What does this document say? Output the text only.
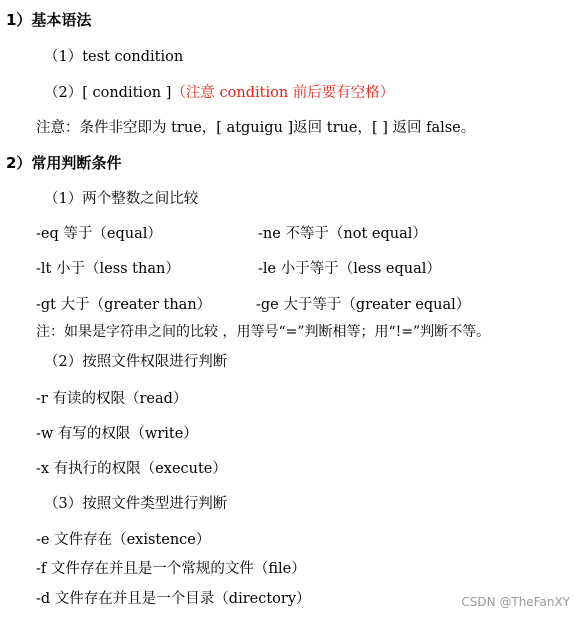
1）基本语法
（1）test condition
（2）[ condition ]（注意 condition 前后要有空格）
注意：条件非空即为 true，[ atguigu ]返回 true，[ ] 返回 false。
2）常用判断条件
（1）两个整数之间比较
-eq 等于（equal）	-ne 不等于（not equal）
-lt 小于（less than）	-le 小于等于（less equal）
-gt 大于（greater than）	-ge 大于等于（greater equal）
注：如果是字符串之间的比较 ，用等号“=”判断相等；用“!=”判断不等。
（2）按照文件权限进行判断
-r 有读的权限（read）
-w 有写的权限（write）
-x 有执行的权限（execute）
（3）按照文件类型进行判断
-e 文件存在（existence）
-f 文件存在并且是一个常规的文件（file）
-d 文件存在并且是一个目录（directory）	CSDN @TheFanXY
